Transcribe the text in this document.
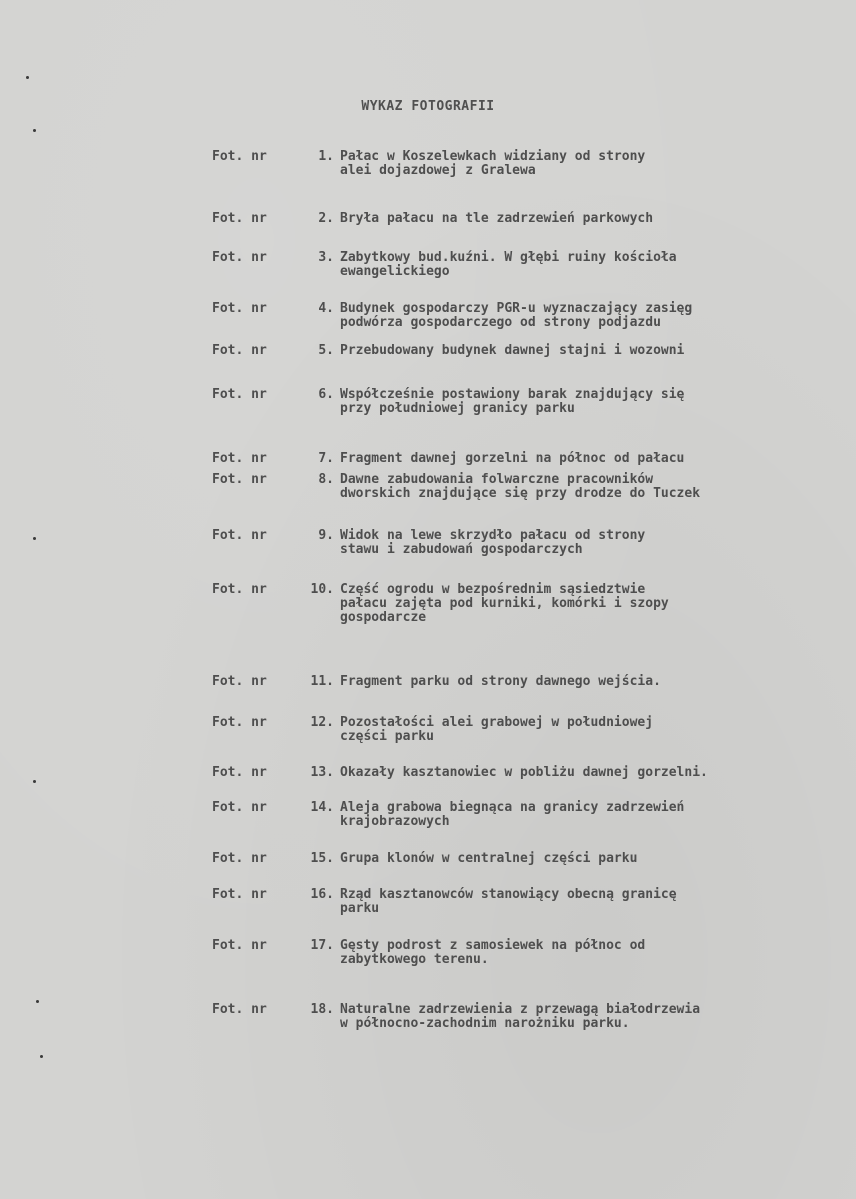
WYKAZ FOTOGRAFII
Fot. nr	1. Pałac w Koszelewkach widziany od strony
alei dojazdowej z Gralewa
Fot. nr	2. Bryła pałacu na tle zadrzewień parkowych
Fot. nr	3. Zabytkowy bud.kuźni. W głębi ruiny kościoła
ewangelickiego
Fot. nr	4. Budynek gospodarczy PGR-u wyznaczający zasięg
podwórza gospodarczego od strony podjazdu
Fot. nr	5. Przebudowany budynek dawnej stajni i wozowni
Fot. nr	6. Współcześnie postawiony barak znajdujący się
przy południowej granicy parku
Fot. nr	7. Fragment dawnej gorzelni na północ od pałacu
Fot. nr	8. Dawne zabudowania folwarczne pracowników
dworskich znajdujące się przy drodze do Tuczek
Fot. nr	9. Widok na lewe skrzydło pałacu od strony
stawu i zabudowań gospodarczych
Fot. nr	10. Część ogrodu w bezpośrednim sąsiedztwie
pałacu zajęta pod kurniki, komórki i szopy
gospodarcze
Fot. nr	11. Fragment parku od strony dawnego wejścia.
Fot. nr	12. Pozostałości alei grabowej w południowej
części parku
Fot. nr	13. Okazały kasztanowiec w pobliżu dawnej gorzelni.
Fot. nr	14. Aleja grabowa biegnąca na granicy zadrzewień
krajobrazowych
Fot. nr	15. Grupa klonów w centralnej części parku
Fot. nr	16. Rząd kasztanowców stanowiący obecną granicę
parku
Fot. nr	17. Gęsty podrost z samosiewek na północ od
zabytkowego terenu.
Fot. nr	18. Naturalne zadrzewienia z przewagą białodrzewia
w północno-zachodnim narożniku parku.
